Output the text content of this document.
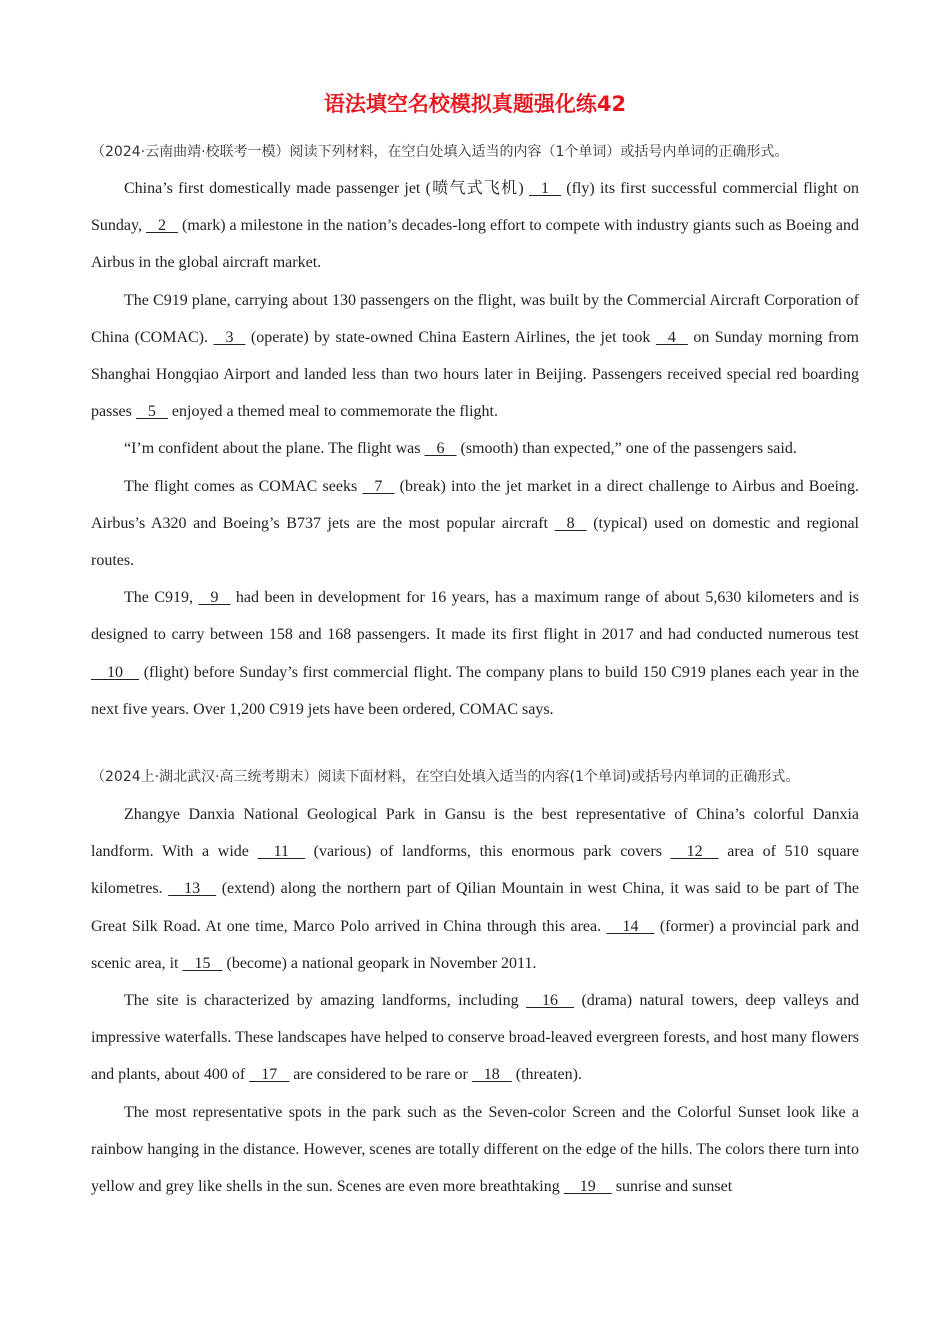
语法填空名校模拟真题强化练42

（2024·云南曲靖·校联考一模）阅读下列材料，在空白处填入适当的内容（1个单词）或括号内单词的正确形式。

China’s first domestically made passenger jet (喷气式飞机) 1 (fly) its first successful commercial flight on Sunday, 2 (mark) a milestone in the nation’s decades-long effort to compete with industry giants such as Boeing and Airbus in the global aircraft market.

The C919 plane, carrying about 130 passengers on the flight, was built by the Commercial Aircraft Corporation of China (COMAC). 3 (operate) by state-owned China Eastern Airlines, the jet took 4 on Sunday morning from Shanghai Hongqiao Airport and landed less than two hours later in Beijing. Passengers received special red boarding passes 5 enjoyed a themed meal to commemorate the flight.

“I’m confident about the plane. The flight was 6 (smooth) than expected,” one of the passengers said.

The flight comes as COMAC seeks 7 (break) into the jet market in a direct challenge to Airbus and Boeing. Airbus’s A320 and Boeing’s B737 jets are the most popular aircraft 8 (typical) used on domestic and regional routes.

The C919, 9 had been in development for 16 years, has a maximum range of about 5,630 kilometers and is designed to carry between 158 and 168 passengers. It made its first flight in 2017 and had conducted numerous test 10 (flight) before Sunday’s first commercial flight. The company plans to build 150 C919 planes each year in the next five years. Over 1,200 C919 jets have been ordered, COMAC says.

（2024上·湖北武汉·高三统考期末）阅读下面材料，在空白处填入适当的内容(1个单词)或括号内单词的正确形式。

Zhangye Danxia National Geological Park in Gansu is the best representative of China’s colorful Danxia landform. With a wide 11 (various) of landforms, this enormous park covers 12 area of 510 square kilometres. 13 (extend) along the northern part of Qilian Mountain in west China, it was said to be part of The Great Silk Road. At one time, Marco Polo arrived in China through this area. 14 (former) a provincial park and scenic area, it 15 (become) a national geopark in November 2011.

The site is characterized by amazing landforms, including 16 (drama) natural towers, deep valleys and impressive waterfalls. These landscapes have helped to conserve broad-leaved evergreen forests, and host many flowers and plants, about 400 of 17 are considered to be rare or 18 (threaten).

The most representative spots in the park such as the Seven-color Screen and the Colorful Sunset look like a rainbow hanging in the distance. However, scenes are totally different on the edge of the hills. The colors there turn into yellow and grey like shells in the sun. Scenes are even more breathtaking 19 sunrise and sunset
